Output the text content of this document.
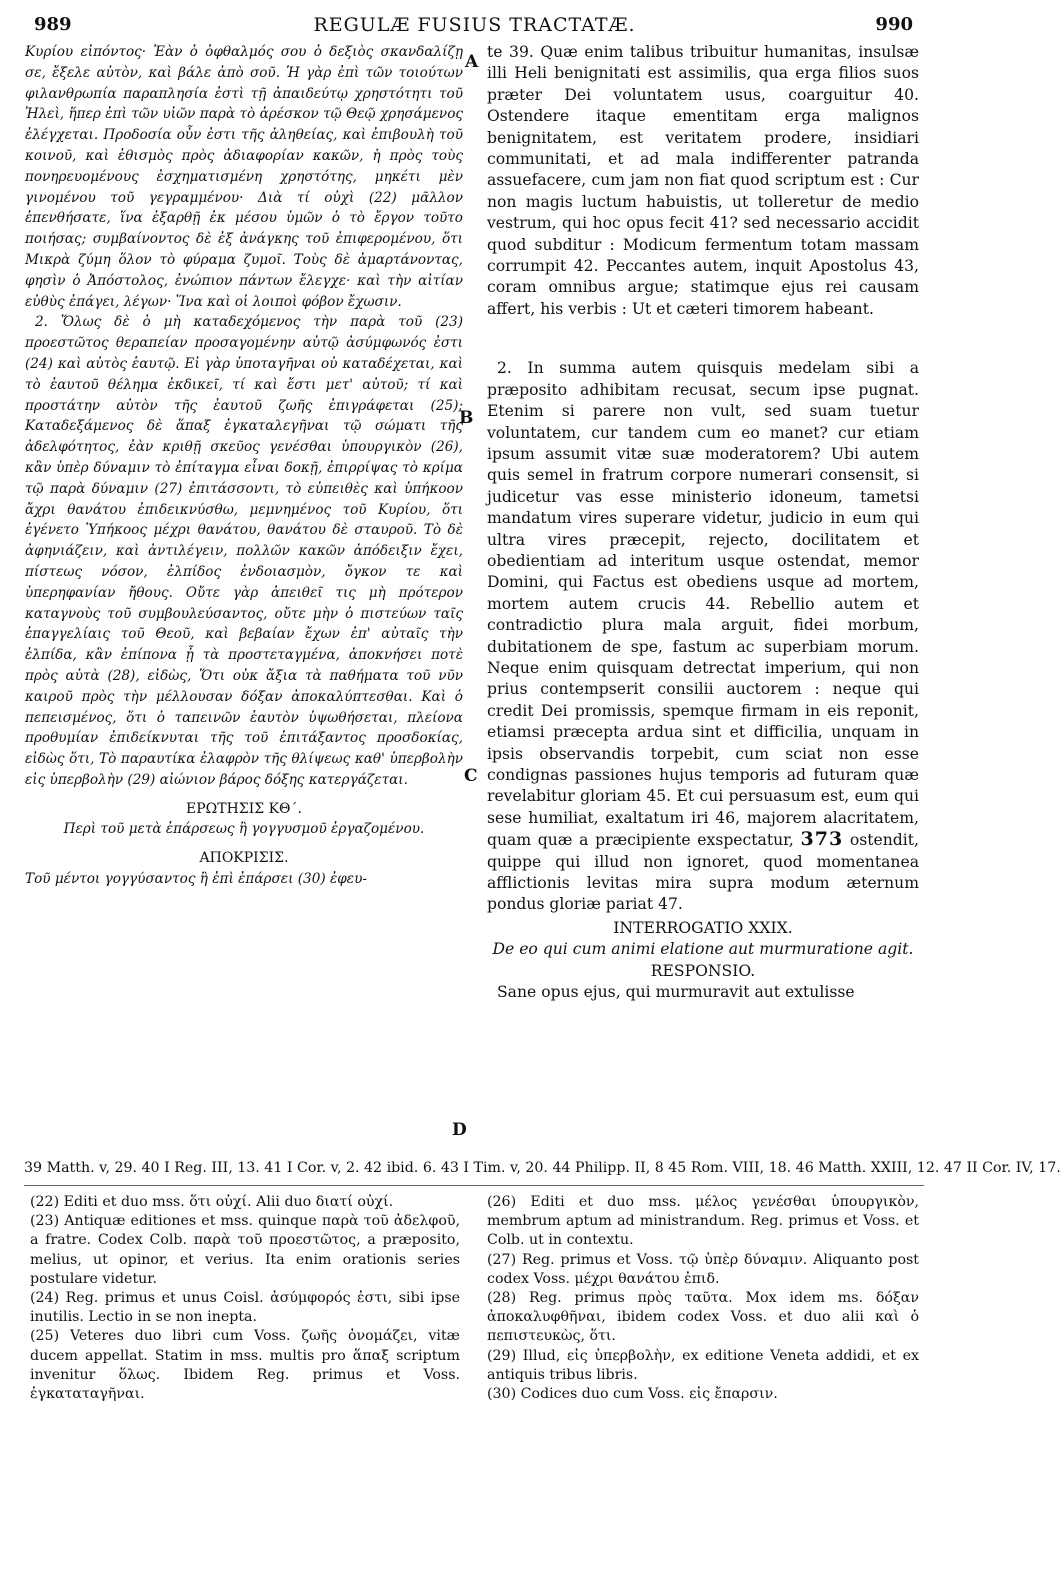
989	REGULÆ FUSIUS TRACTATÆ.	990

Κυρίου εἰπόντος· Ἐὰν ὁ ὀφθαλμός σου ὁ δεξιὸς σκανδαλίζῃ σε, ἔξελε αὐτὸν, καὶ βάλε ἀπὸ σοῦ. Ἡ γὰρ ἐπὶ τῶν τοιούτων φιλανθρωπία παραπλησία ἐστὶ τῇ ἀπαιδεύτῳ χρηστότητι τοῦ Ἠλεὶ, ἥπερ ἐπὶ τῶν υἱῶν παρὰ τὸ ἀρέσκον τῷ Θεῷ χρησάμενος ἐλέγχεται. Προδοσία οὖν ἐστι τῆς ἀληθείας, καὶ ἐπιβουλὴ τοῦ κοινοῦ, καὶ ἐθισμὸς πρὸς ἀδιαφορίαν κακῶν, ἡ πρὸς τοὺς πονηρευομένους ἐσχηματισμένη χρηστότης, μηκέτι μὲν γινομένου τοῦ γεγραμμένου· Διὰ τί οὐχὶ (22) μᾶλλον ἐπενθήσατε, ἵνα ἐξαρθῇ ἐκ μέσου ὑμῶν ὁ τὸ ἔργον τοῦτο ποιήσας; συμβαίνοντος δὲ ἐξ ἀνάγκης τοῦ ἐπιφερομένου, ὅτι Μικρὰ ζύμη ὅλον τὸ φύραμα ζυμοῖ. Τοὺς δὲ ἁμαρτάνοντας, φησὶν ὁ Ἀπόστολος, ἐνώπιον πάντων ἔλεγχε· καὶ τὴν αἰτίαν εὐθὺς ἐπάγει, λέγων· Ἵνα καὶ οἱ λοιποὶ φόβον ἔχωσιν.

2. Ὅλως δὲ ὁ μὴ καταδεχόμενος τὴν παρὰ τοῦ (23) προεστῶτος θεραπείαν προσαγομένην αὐτῷ ἀσύμφωνός ἐστι (24) καὶ αὐτὸς ἑαυτῷ. Εἰ γὰρ ὑποταγῆναι οὐ καταδέχεται, καὶ τὸ ἑαυτοῦ θέλημα ἐκδικεῖ, τί καὶ ἔστι μετ' αὐτοῦ; τί καὶ προστάτην αὐτὸν τῆς ἑαυτοῦ ζωῆς ἐπιγράφεται (25); Καταδεξάμενος δὲ ἅπαξ ἐγκαταλεγῆναι τῷ σώματι τῆς ἀδελφότητος, ἐὰν κριθῇ σκεῦος γενέσθαι ὑπουργικὸν (26), κἂν ὑπὲρ δύναμιν τὸ ἐπίταγμα εἶναι δοκῇ, ἐπιρρίψας τὸ κρίμα τῷ παρὰ δύναμιν (27) ἐπιτάσσοντι, τὸ εὐπειθὲς καὶ ὑπήκοον ἄχρι θανάτου ἐπιδεικνύσθω, μεμνημένος τοῦ Κυρίου, ὅτι ἐγένετο Ὑπήκοος μέχρι θανάτου, θανάτου δὲ σταυροῦ. Τὸ δὲ ἀφηνιάζειν, καὶ ἀντιλέγειν, πολλῶν κακῶν ἀπόδειξιν ἔχει, πίστεως νόσον, ἐλπίδος ἐνδοιασμὸν, ὄγκον τε καὶ ὑπερηφανίαν ἤθους. Οὔτε γὰρ ἀπειθεῖ τις μὴ πρότερον καταγνοὺς τοῦ συμβουλεύσαντος, οὔτε μὴν ὁ πιστεύων ταῖς ἐπαγγελίαις τοῦ Θεοῦ, καὶ βεβαίαν ἔχων ἐπ' αὐταῖς τὴν ἐλπίδα, κἂν ἐπίπονα ᾖ τὰ προστεταγμένα, ἀποκνήσει ποτὲ πρὸς αὐτὰ (28), εἰδὼς, Ὅτι οὐκ ἄξια τὰ παθήματα τοῦ νῦν καιροῦ πρὸς τὴν μέλλουσαν δόξαν ἀποκαλύπτεσθαι. Καὶ ὁ πεπεισμένος, ὅτι ὁ ταπεινῶν ἑαυτὸν ὑψωθήσεται, πλείονα προθυμίαν ἐπιδείκνυται τῆς τοῦ ἐπιτάξαντος προσδοκίας, εἰδὼς ὅτι, Τὸ παραυτίκα ἐλαφρὸν τῆς θλίψεως καθ' ὑπερβολὴν εἰς ὑπερβολὴν (29) αἰώνιον βάρος δόξης κατεργάζεται.

ΕΡΩΤΗΣΙΣ ΚΘ΄.

Περὶ τοῦ μετὰ ἐπάρσεως ἢ γογγυσμοῦ ἐργαζομένου.

ΑΠΟΚΡΙΣΙΣ.

Τοῦ μέντοι γογγύσαντος ἢ ἐπὶ ἐπάρσει (30) ἐφευ-

A
B
C
D

te 39. Quæ enim talibus tribuitur humanitas, insulsæ illi Heli benignitati est assimilis, qua erga filios suos præter Dei voluntatem usus, coarguitur 40. Ostendere itaque ementitam erga malignos benignitatem, est veritatem prodere, insidiari communitati, et ad mala indifferenter patranda assuefacere, cum jam non fiat quod scriptum est : Cur non magis luctum habuistis, ut tolleretur de medio vestrum, qui hoc opus fecit 41? sed necessario accidit quod subditur : Modicum fermentum totam massam corrumpit 42. Peccantes autem, inquit Apostolus 43, coram omnibus argue; statimque ejus rei causam affert, his verbis : Ut et cæteri timorem habeant.

2. In summa autem quisquis medelam sibi a præposito adhibitam recusat, secum ipse pugnat. Etenim si parere non vult, sed suam tuetur voluntatem, cur tandem cum eo manet? cur etiam ipsum assumit vitæ suæ moderatorem? Ubi autem quis semel in fratrum corpore numerari consensit, si judicetur vas esse ministerio idoneum, tametsi mandatum vires superare videtur, judicio in eum qui ultra vires præcepit, rejecto, docilitatem et obedientiam ad interitum usque ostendat, memor Domini, qui Factus est obediens usque ad mortem, mortem autem crucis 44. Rebellio autem et contradictio plura mala arguit, fidei morbum, dubitationem de spe, fastum ac superbiam morum. Neque enim quisquam detrectat imperium, qui non prius contempserit consilii auctorem : neque qui credit Dei promissis, spemque firmam in eis reponit, etiamsi præcepta ardua sint et difficilia, unquam in ipsis observandis torpebit, cum sciat non esse condignas passiones hujus temporis ad futuram quæ revelabitur gloriam 45. Et cui persuasum est, eum qui sese humiliat, exaltatum iri 46, majorem alacritatem, quam quæ a præcipiente exspectatur, 373 ostendit, quippe qui illud non ignoret, quod momentanea afflictionis levitas mira supra modum æternum pondus gloriæ pariat 47.

INTERROGATIO XXIX.

De eo qui cum animi elatione aut murmuratione agit.

RESPONSIO.

Sane opus ejus, qui murmuravit aut extulisse

39 Matth. v, 29. 40 I Reg. III, 13. 41 I Cor. v, 2. 42 ibid. 6. 43 I Tim. v, 20. 44 Philipp. II, 8 45 Rom. VIII, 18. 46 Matth. XXIII, 12. 47 II Cor. IV, 17.

(22) Editi et duo mss. ὅτι οὐχί. Alii duo διατί οὐχί.

(23) Antiquæ editiones et mss. quinque παρὰ τοῦ ἀδελφοῦ, a fratre. Codex Colb. παρὰ τοῦ προεστῶτος, a præposito, melius, ut opinor, et verius. Ita enim orationis series postulare videtur.

(24) Reg. primus et unus Coisl. ἀσύμφορός ἐστι, sibi ipse inutilis. Lectio in se non inepta.

(25) Veteres duo libri cum Voss. ζωῆς ὀνομάζει, vitæ ducem appellat. Statim in mss. multis pro ἅπαξ scriptum invenitur ὅλως. Ibidem Reg. primus et Voss. ἐγκαταταγῆναι.

(26) Editi et duo mss. μέλος γενέσθαι ὑπουργικὸν, membrum aptum ad ministrandum. Reg. primus et Voss. et Colb. ut in contextu.

(27) Reg. primus et Voss. τῷ ὑπὲρ δύναμιν. Aliquanto post codex Voss. μέχρι θανάτου ἐπιδ.

(28) Reg. primus πρὸς ταῦτα. Mox idem ms. δόξαν ἀποκαλυφθῆναι, ibidem codex Voss. et duo alii καὶ ὁ πεπιστευκὼς, ὅτι.

(29) Illud, εἰς ὑπερβολὴν, ex editione Veneta addidi, et ex antiquis tribus libris.

(30) Codices duo cum Voss. εἰς ἔπαρσιν.
